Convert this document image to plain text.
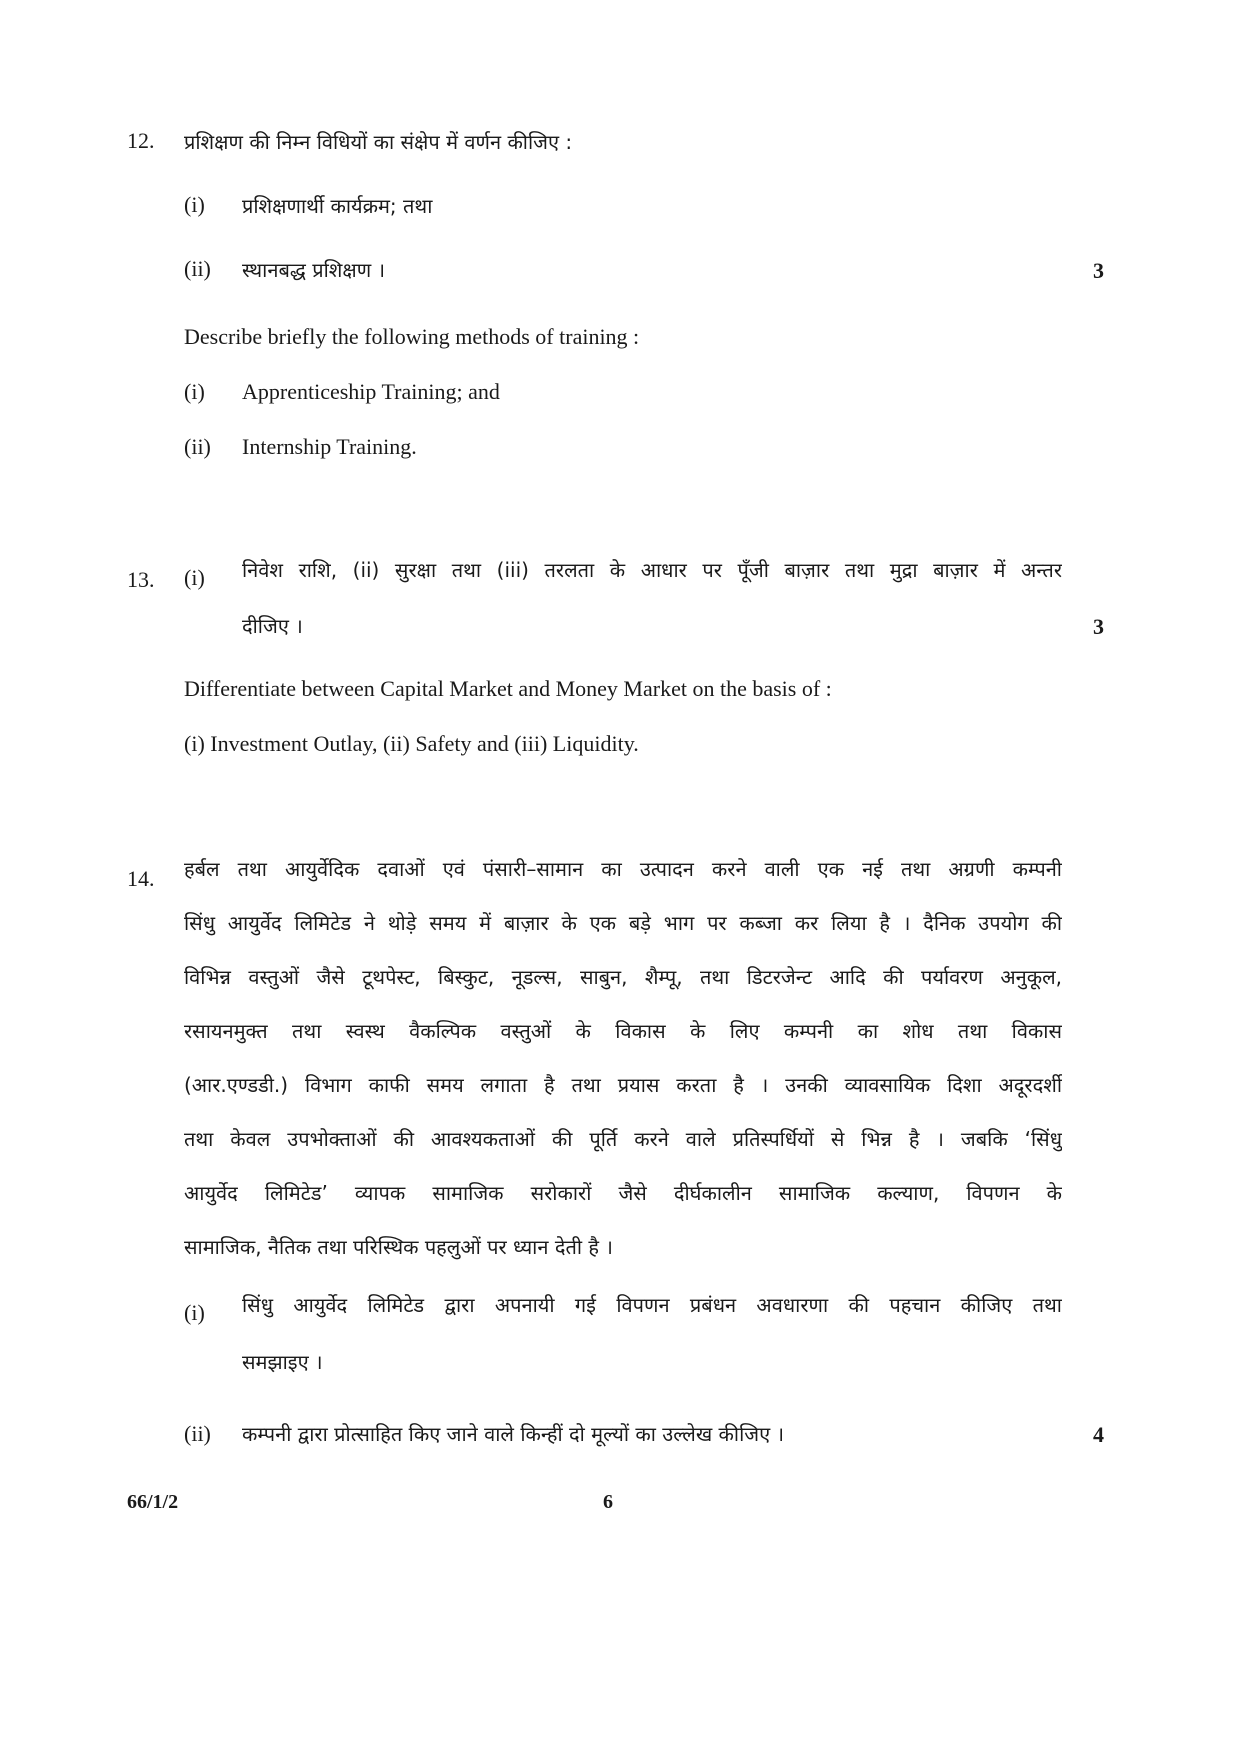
12. प्रशिक्षण की निम्न विधियों का संक्षेप में वर्णन कीजिए :
(i) प्रशिक्षणार्थी कार्यक्रम; तथा
(ii) स्थानबद्ध प्रशिक्षण ।	3
Describe briefly the following methods of training :
(i) Apprenticeship Training; and
(ii) Internship Training.
13. (i) निवेश राशि, (ii) सुरक्षा तथा (iii) तरलता के आधार पर पूँजी बाज़ार तथा मुद्रा बाज़ार में अन्तर
दीजिए ।	3
Differentiate between Capital Market and Money Market on the basis of :
(i) Investment Outlay, (ii) Safety and (iii) Liquidity.
14. हर्बल तथा आयुर्वेदिक दवाओं एवं पंसारी–सामान का उत्पादन करने वाली एक नई तथा अग्रणी कम्पनी
सिंधु आयुर्वेद लिमिटेड ने थोड़े समय में बाज़ार के एक बड़े भाग पर कब्जा कर लिया है । दैनिक उपयोग की
विभिन्न वस्तुओं जैसे टूथपेस्ट, बिस्कुट, नूडल्स, साबुन, शैम्पू, तथा डिटरजेन्ट आदि की पर्यावरण अनुकूल,
रसायनमुक्त तथा स्वस्थ वैकल्पिक वस्तुओं के विकास के लिए कम्पनी का शोध तथा विकास
(आर.एण्डडी.) विभाग काफी समय लगाता है तथा प्रयास करता है । उनकी व्यावसायिक दिशा अदूरदर्शी
तथा केवल उपभोक्ताओं की आवश्यकताओं की पूर्ति करने वाले प्रतिस्पर्धियों से भिन्न है । जबकि ‘सिंधु
आयुर्वेद लिमिटेड’ व्यापक सामाजिक सरोकारों जैसे दीर्घकालीन सामाजिक कल्याण, विपणन के
सामाजिक, नैतिक तथा परिस्थिक पहलुओं पर ध्यान देती है ।
(i) सिंधु आयुर्वेद लिमिटेड द्वारा अपनायी गई विपणन प्रबंधन अवधारणा की पहचान कीजिए तथा
समझाइए ।
(ii) कम्पनी द्वारा प्रोत्साहित किए जाने वाले किन्हीं दो मूल्यों का उल्लेख कीजिए ।	4
66/1/2	6
